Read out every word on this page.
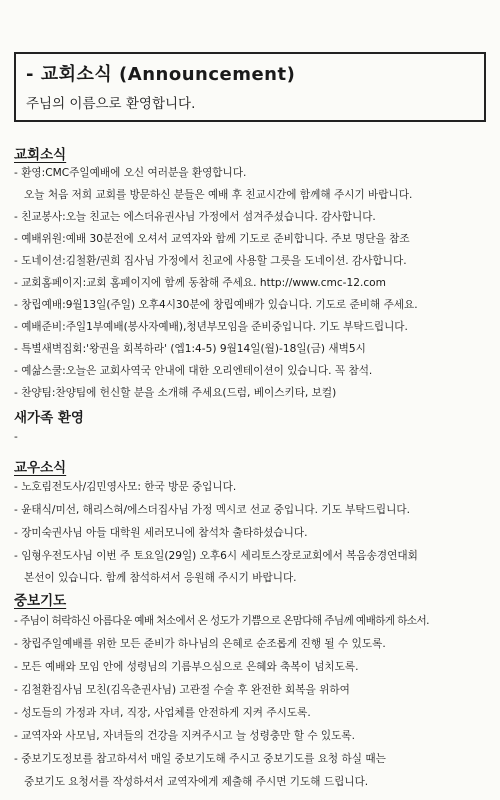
- 교회소식 (Announcement)
주님의 이름으로 환영합니다.
교회소식
- 환영:CMC주일예배에 오신 여러분을 환영합니다.
오늘 처음 저희 교회를 방문하신 분들은 예배 후 친교시간에 함께해 주시기 바랍니다.
- 친교봉사:오늘 친교는 에스더유권사님 가정에서 섬겨주셨습니다. 감사합니다.
- 예배위원:예배 30분전에 오셔서 교역자와 함께 기도로 준비합니다. 주보 명단을 참조
- 도네이션:김철환/권희 집사님 가정에서 친교에 사용할 그릇을 도네이션. 감사합니다.
- 교회홈페이지:교회 홈페이지에 함께 동참해 주세요. http://www.cmc-12.com
- 창립예배:9월13일(주일) 오후4시30분에 창립예배가 있습니다. 기도로 준비해 주세요.
- 예배준비:주일1부예배(봉사자예배),청년부모임을 준비중입니다. 기도 부탁드립니다.
- 특별새벽집회:'왕권을 회복하라' (엡1:4-5) 9월14일(월)-18일(금) 새벽5시
- 예삶스쿨:오늘은 교회사역국 안내에 대한 오리엔테이션이 있습니다. 꼭 참석.
- 찬양팀:찬양팀에 헌신할 분을 소개해 주세요(드럼, 베이스키타, 보컬)
새가족 환영
-
교우소식
- 노호림전도사/김민영사모: 한국 방문 중입니다.
- 윤태식/미선, 해리스혀/에스더집사님 가정 멕시코 선교 중입니다. 기도 부탁드립니다.
- 장미숙권사님 아들 대학원 세러모니에 참석차 출타하셨습니다.
- 임형우전도사님 이번 주 토요일(29일) 오후6시 세리토스장로교회에서 복음송경연대회
본선이 있습니다. 함께 참석하셔서 응원해 주시기 바랍니다.
중보기도
- 주님이 허락하신 아름다운 예배 처소에서 온 성도가 기쁨으로 온맘다해 주님께 예배하게 하소서.
- 창립주일예배를 위한 모든 준비가 하나님의 은혜로 순조롭게 진행 될 수 있도록.
- 모든 예배와 모임 안에 성령님의 기름부으심으로 은혜와 축복이 넘치도록.
- 김철환집사님 모친(김옥춘권사님) 고관절 수술 후 완전한 회복을 위하여
- 성도들의 가정과 자녀, 직장, 사업체를 안전하게 지켜 주시도록.
- 교역자와 사모님, 자녀들의 건강을 지켜주시고 늘 성령충만 할 수 있도록.
- 중보기도정보를 참고하셔서 매일 중보기도해 주시고 중보기도를 요청 하실 때는
중보기도 요청서를 작성하셔서 교역자에게 제출해 주시면 기도해 드립니다.
